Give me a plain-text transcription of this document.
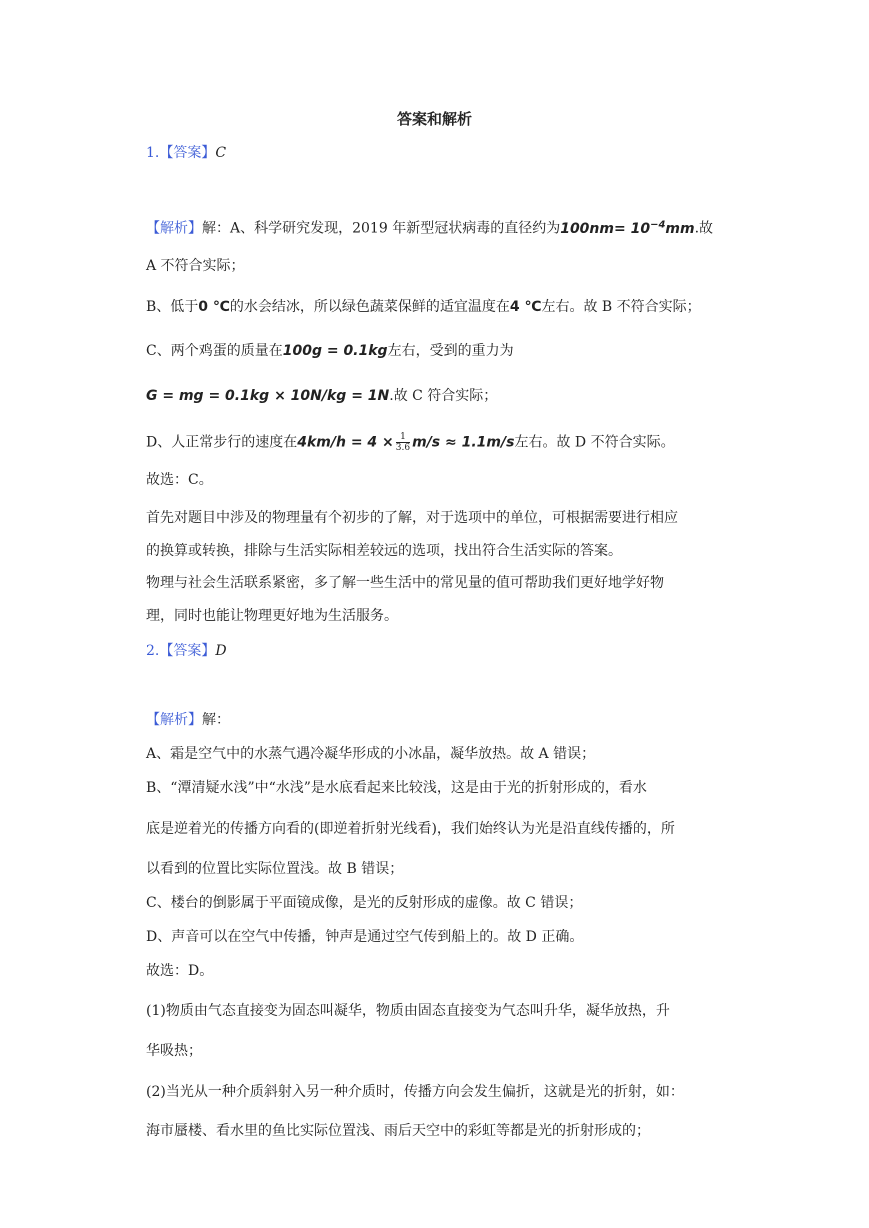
答案和解析
1.【答案】C
【解析】解：A、科学研究发现，2019 年新型冠状病毒的直径约为$100nm= 10^{-4}mm$.故
A 不符合实际；
B、低于0 ℃的水会结冰，所以绿色蔬菜保鲜的适宜温度在4 ℃左右。故 B 不符合实际；
C、两个鸡蛋的质量在100g = 0.1kg左右，受到的重力为
G = mg = 0.1kg × 10N/kg = 1N.故 C 符合实际；
D、人正常步行的速度在$4km/h = 4 \times \frac{1}{3.6} m/s \approx 1.1m/s$左右。故 D 不符合实际。
故选：C。
首先对题目中涉及的物理量有个初步的了解，对于选项中的单位，可根据需要进行相应
的换算或转换，排除与生活实际相差较远的选项，找出符合生活实际的答案。
物理与社会生活联系紧密，多了解一些生活中的常见量的值可帮助我们更好地学好物
理，同时也能让物理更好地为生活服务。
2.【答案】D
【解析】解：
A、霜是空气中的水蒸气遇冷凝华形成的小冰晶，凝华放热。故 A 错误；
B、“潭清疑水浅”中“水浅”是水底看起来比较浅，这是由于光的折射形成的，看水
底是逆着光的传播方向看的(即逆着折射光线看)，我们始终认为光是沿直线传播的，所
以看到的位置比实际位置浅。故 B 错误；
C、楼台的倒影属于平面镜成像，是光的反射形成的虚像。故 C 错误；
D、声音可以在空气中传播，钟声是通过空气传到船上的。故 D 正确。
故选：D。
(1)物质由气态直接变为固态叫凝华，物质由固态直接变为气态叫升华，凝华放热，升
华吸热；
(2)当光从一种介质斜射入另一种介质时，传播方向会发生偏折，这就是光的折射，如：
海市蜃楼、看水里的鱼比实际位置浅、雨后天空中的彩虹等都是光的折射形成的；
